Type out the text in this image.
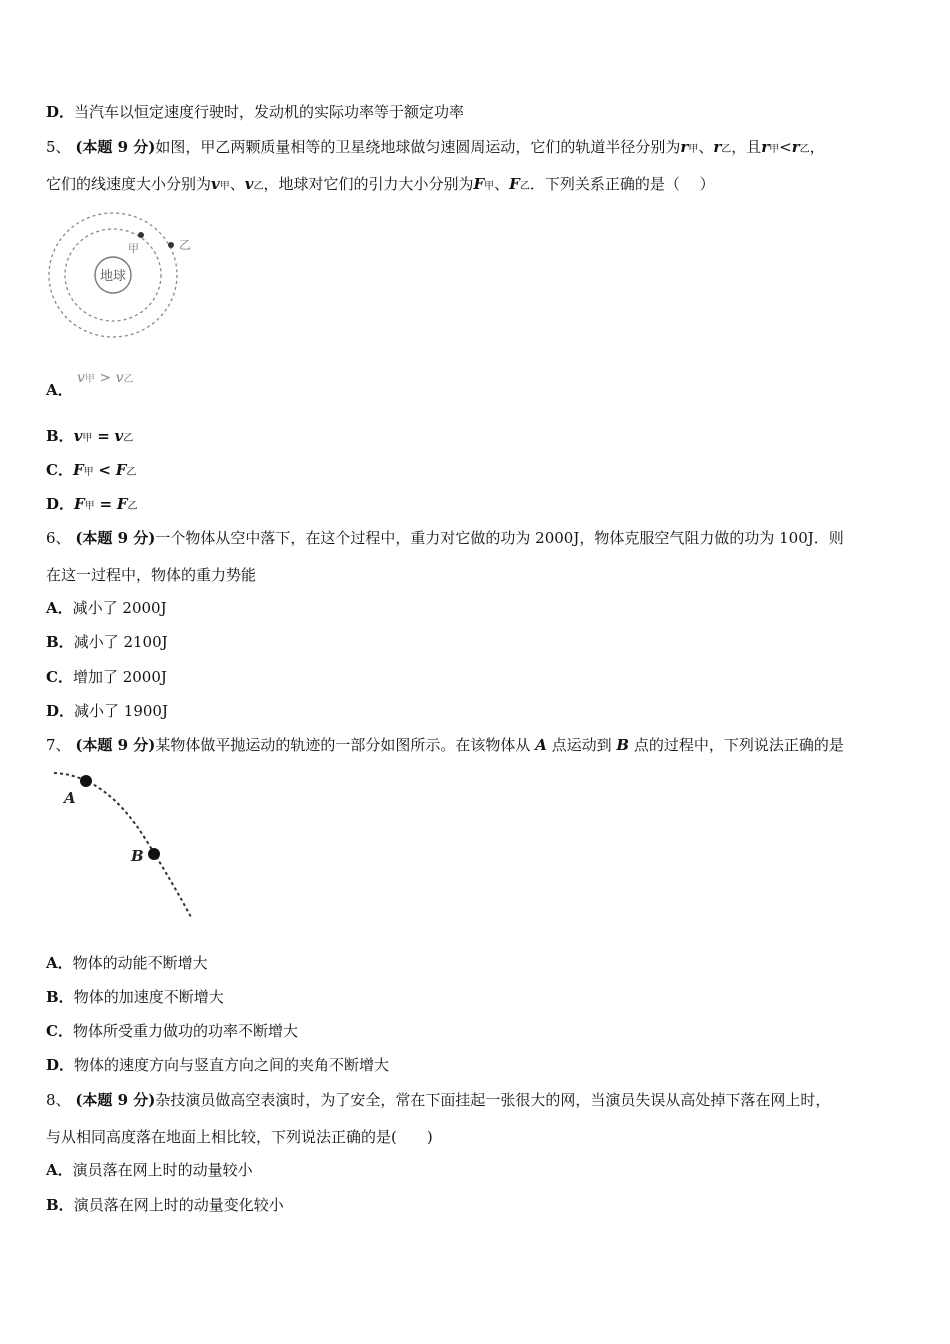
D．当汽车以恒定速度行驶时，发动机的实际功率等于额定功率
5、 (本题 9 分)如图，甲乙两颗质量相等的卫星绕地球做匀速圆周运动，它们的轨道半径分别为r甲、r乙，且r甲<r乙，
它们的线速度大小分别为v甲、v乙，地球对它们的引力大小分别为F甲、F乙．下列关系正确的是（　 ）
地球
甲	乙
A．
v甲 > v乙
B．v甲 = v乙
C．F甲 < F乙
D．F甲 = F乙
6、 (本题 9 分)一个物体从空中落下，在这个过程中，重力对它做的功为 2000J，物体克服空气阻力做的功为 100J．则
在这一过程中，物体的重力势能
A．减小了 2000J
B．减小了 2100J
C．增加了 2000J
D．减小了 1900J
7、 (本题 9 分)某物体做平抛运动的轨迹的一部分如图所示。在该物体从 A 点运动到 B 点的过程中，下列说法正确的是
A
B
A．物体的动能不断增大
B．物体的加速度不断增大
C．物体所受重力做功的功率不断增大
D．物体的速度方向与竖直方向之间的夹角不断增大
8、 (本题 9 分)杂技演员做高空表演时，为了安全，常在下面挂起一张很大的网，当演员失误从高处掉下落在网上时，
与从相同高度落在地面上相比较，下列说法正确的是(　　)
A．演员落在网上时的动量较小
B．演员落在网上时的动量变化较小
